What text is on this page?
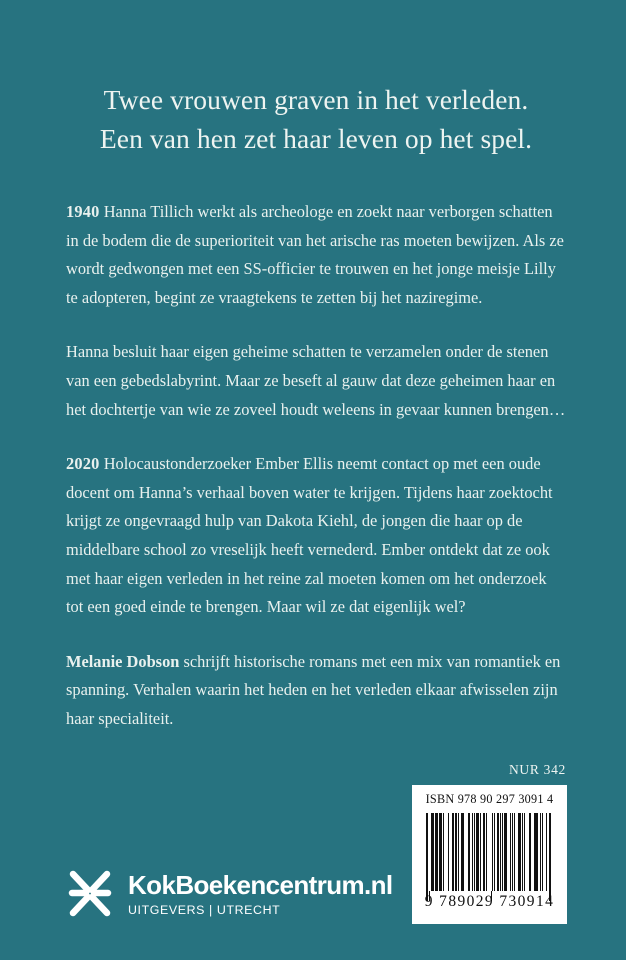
Twee vrouwen graven in het verleden.
Een van hen zet haar leven op het spel.

1940 Hanna Tillich werkt als archeologe en zoekt naar verborgen schatten in de bodem die de superioriteit van het arische ras moeten bewijzen. Als ze wordt gedwongen met een SS-officier te trouwen en het jonge meisje Lilly te adopteren, begint ze vraagtekens te zetten bij het naziregime.

Hanna besluit haar eigen geheime schatten te verzamelen onder de stenen van een gebedslabyrint. Maar ze beseft al gauw dat deze geheimen haar en het dochtertje van wie ze zoveel houdt weleens in gevaar kunnen brengen…

2020 Holocaustonderzoeker Ember Ellis neemt contact op met een oude docent om Hanna’s verhaal boven water te krijgen. Tijdens haar zoektocht krijgt ze ongevraagd hulp van Dakota Kiehl, de jongen die haar op de middelbare school zo vreselijk heeft vernederd. Ember ontdekt dat ze ook met haar eigen verleden in het reine zal moeten komen om het onderzoek tot een goed einde te brengen. Maar wil ze dat eigenlijk wel?

Melanie Dobson schrijft historische romans met een mix van romantiek en spanning. Verhalen waarin het heden en het verleden elkaar afwisselen zijn haar specialiteit.

NUR 342
ISBN 978 90 297 3091 4
9 789029 730914
KokBoekencentrum.nl
UITGEVERS | UTRECHT
